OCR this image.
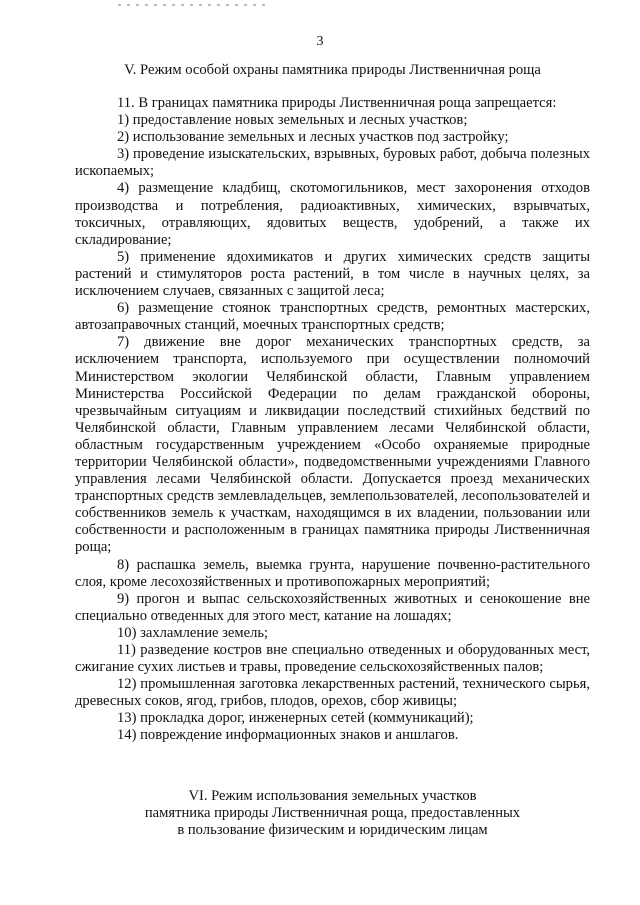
3
V. Режим особой охраны памятника природы Лиственничная роща

11. В границах памятника природы Лиственничная роща запрещается:

1) предоставление новых земельных и лесных участков;

2) использование земельных и лесных участков под застройку;

3) проведение изыскательских, взрывных, буровых работ, добыча полезных ископаемых;

4) размещение кладбищ, скотомогильников, мест захоронения отходов производства и потребления, радиоактивных, химических, взрывчатых, токсичных, отравляющих, ядовитых веществ, удобрений, а также их складирование;

5) применение ядохимикатов и других химических средств защиты растений и стимуляторов роста растений, в том числе в научных целях, за исключением случаев, связанных с защитой леса;

6) размещение стоянок транспортных средств, ремонтных мастерских, автозаправочных станций, моечных транспортных средств;

7) движение вне дорог механических транспортных средств, за исключением транспорта, используемого при осуществлении полномочий Министерством экологии Челябинской области, Главным управлением Министерства Российской Федерации по делам гражданской обороны, чрезвычайным ситуациям и ликвидации последствий стихийных бедствий по Челябинской области, Главным управлением лесами Челябинской области, областным государственным учреждением «Особо охраняемые природные территории Челябинской области», подведомственными учреждениями Главного управления лесами Челябинской области. Допускается проезд механических транспортных средств землевладельцев, землепользователей, лесопользователей и собственников земель к участкам, находящимся в их владении, пользовании или собственности и расположенным в границах памятника природы Лиственничная роща;

8) распашка земель, выемка грунта, нарушение почвенно-растительного слоя, кроме лесохозяйственных и противопожарных мероприятий;

9) прогон и выпас сельскохозяйственных животных и сенокошение вне специально отведенных для этого мест, катание на лошадях;

10) захламление земель;

11) разведение костров вне специально отведенных и оборудованных мест, сжигание сухих листьев и травы, проведение сельскохозяйственных палов;

12) промышленная заготовка лекарственных растений, технического сырья, древесных соков, ягод, грибов, плодов, орехов, сбор живицы;

13) прокладка дорог, инженерных сетей (коммуникаций);

14) повреждение информационных знаков и аншлагов.

VI. Режим использования земельных участков
памятника природы Лиственничная роща, предоставленных
в пользование физическим и юридическим лицам
